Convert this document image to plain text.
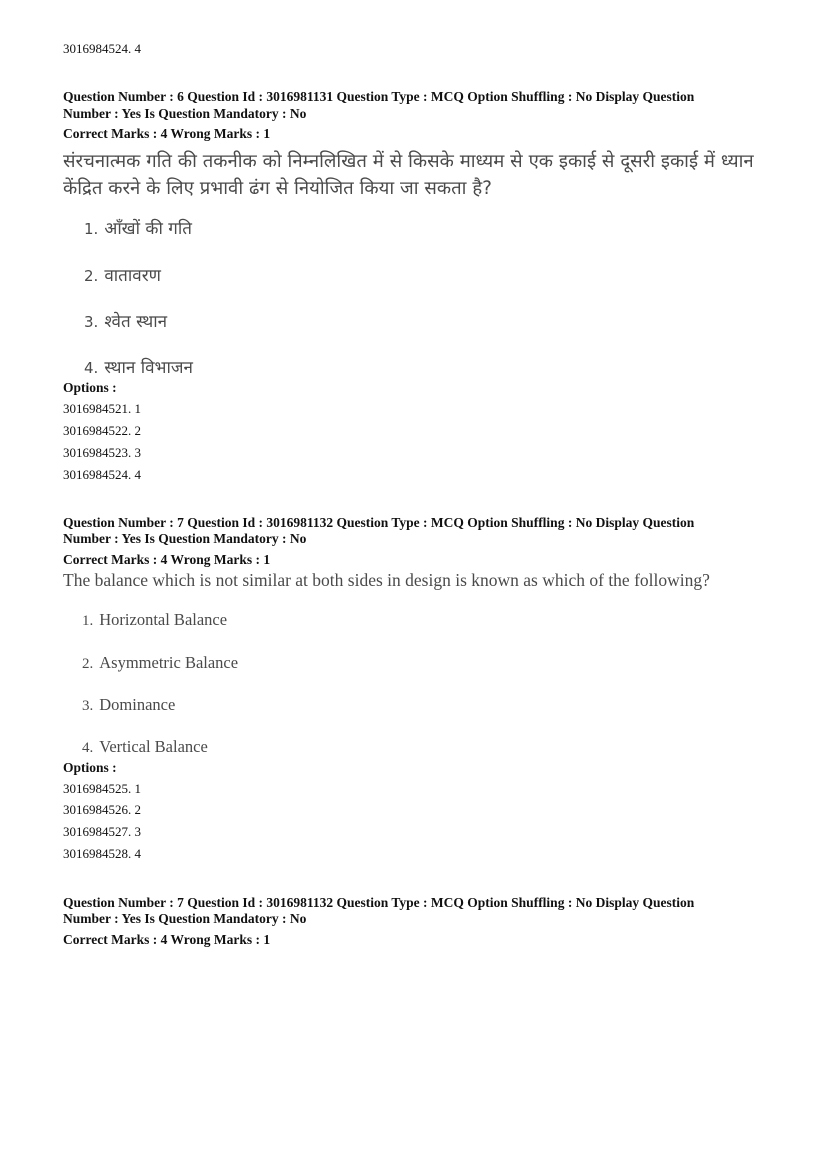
3016984524. 4
Question Number : 6 Question Id : 3016981131 Question Type : MCQ Option Shuffling : No Display Question
Number : Yes Is Question Mandatory : No
Correct Marks : 4 Wrong Marks : 1
संरचनात्मक गति की तकनीक को निम्नलिखित में से किसके माध्यम से एक इकाई से दूसरी इकाई में ध्यान
केंद्रित करने के लिए प्रभावी ढंग से नियोजित किया जा सकता है?
1. आँखों की गति
2. वातावरण
3. श्वेत स्थान
4. स्थान विभाजन
Options :
3016984521. 1
3016984522. 2
3016984523. 3
3016984524. 4
Question Number : 7 Question Id : 3016981132 Question Type : MCQ Option Shuffling : No Display Question
Number : Yes Is Question Mandatory : No
Correct Marks : 4 Wrong Marks : 1
The balance which is not similar at both sides in design is known as which of the following?
1. Horizontal Balance
2. Asymmetric Balance
3. Dominance
4. Vertical Balance
Options :
3016984525. 1
3016984526. 2
3016984527. 3
3016984528. 4
Question Number : 7 Question Id : 3016981132 Question Type : MCQ Option Shuffling : No Display Question
Number : Yes Is Question Mandatory : No
Correct Marks : 4 Wrong Marks : 1
